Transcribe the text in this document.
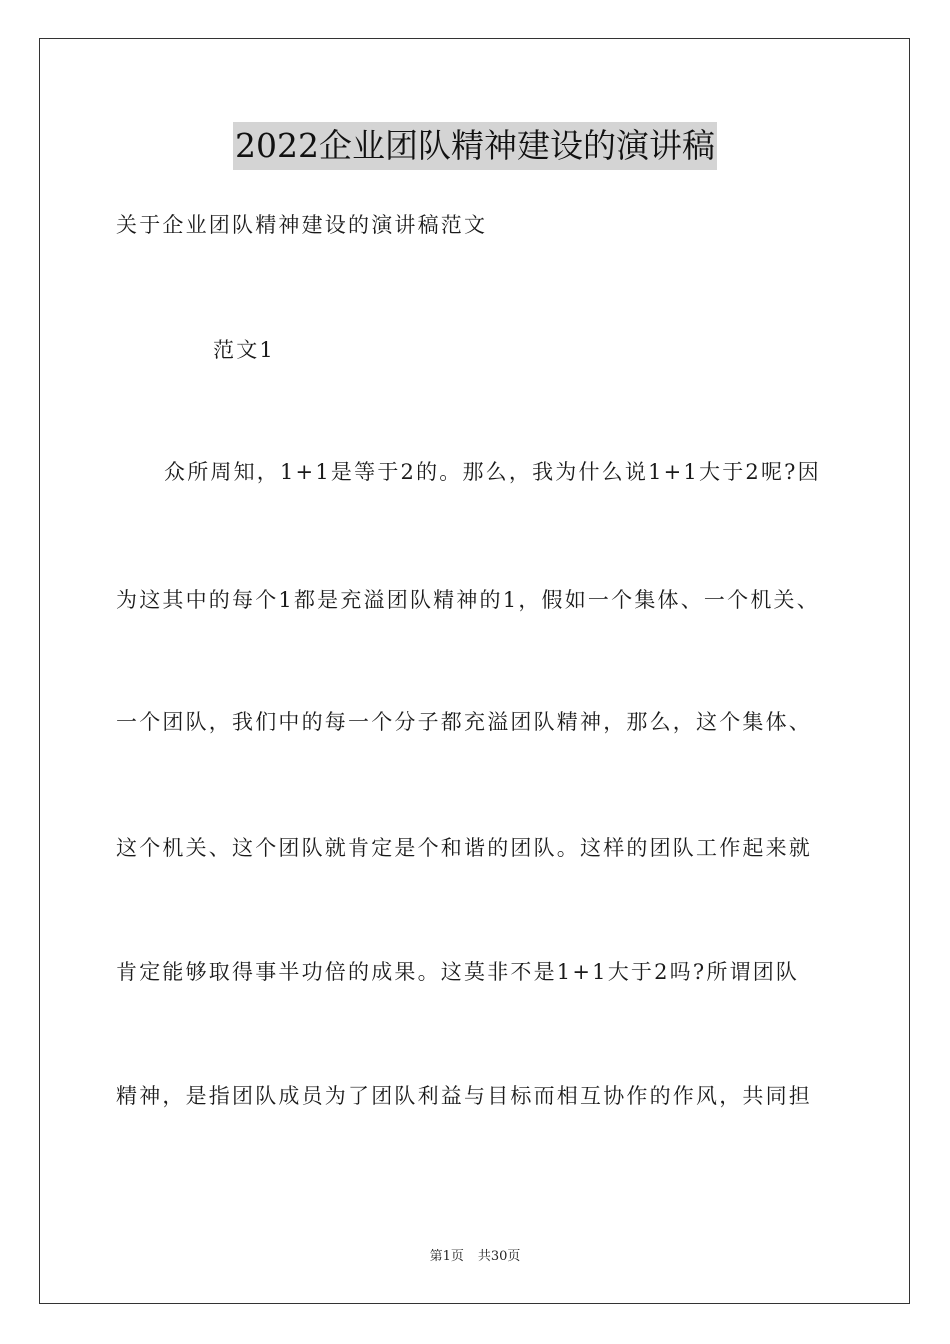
2022企业团队精神建设的演讲稿
关于企业团队精神建设的演讲稿范文
范文1
众所周知，1+1是等于2的。那么，我为什么说1+1大于2呢?因
为这其中的每个1都是充溢团队精神的1，假如一个集体、一个机关、
一个团队，我们中的每一个分子都充溢团队精神，那么，这个集体、
这个机关、这个团队就肯定是个和谐的团队。这样的团队工作起来就
肯定能够取得事半功倍的成果。这莫非不是1+1大于2吗?所谓团队
精神，是指团队成员为了团队利益与目标而相互协作的作风，共同担
第1页 共30页
